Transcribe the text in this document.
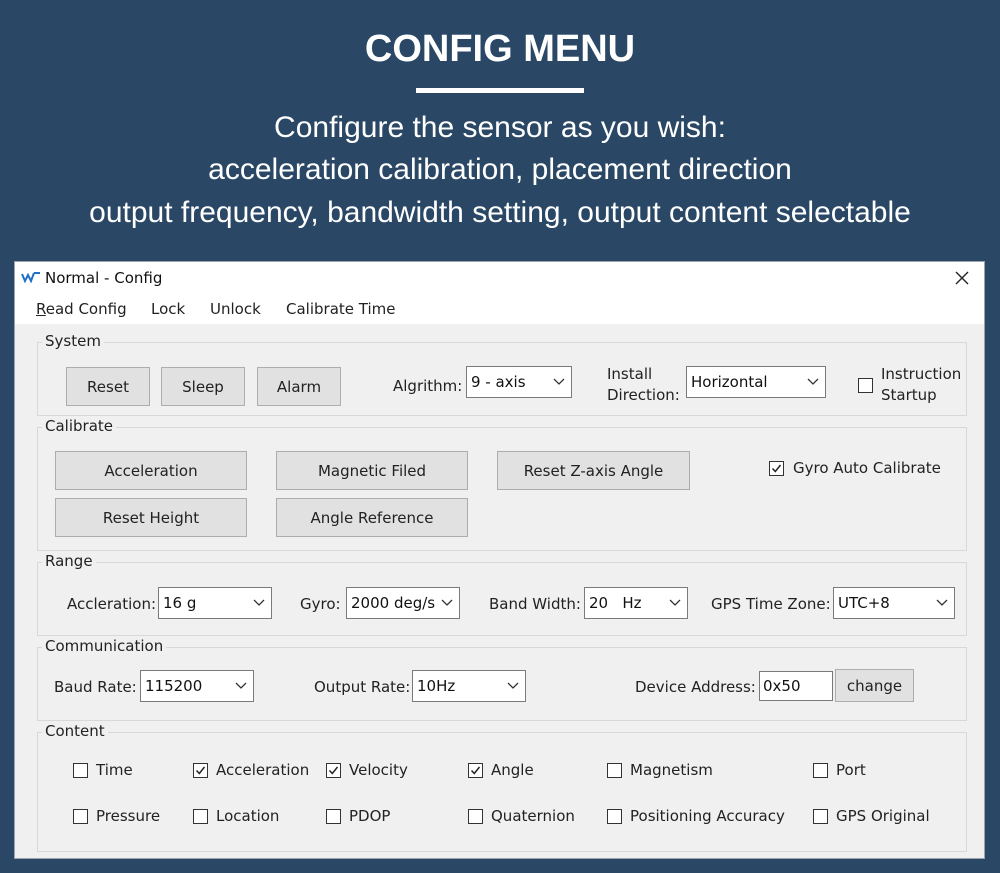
CONFIG MENU
Configure the sensor as you wish:
acceleration calibration, placement direction
output frequency, bandwidth setting, output content selectable
Normal - Config
Read Config Lock Unlock Calibrate Time
System
Reset	Sleep	Alarm	Algrithm: 9 - axis	Install
Direction:
Horizontal	Instruction
Startup
Calibrate
Acceleration	Magnetic Filed	Reset Z-axis Angle	Gyro Auto Calibrate
Reset Height	Angle Reference
Range
Accleration: 16 g	Gyro: 2000 deg/s	Band Width: 20   Hz	GPS Time Zone: UTC+8
Communication
Baud Rate: 115200	Output Rate: 10Hz	Device Address: 0x50	change
Content
Time	Acceleration	Velocity	Angle	Magnetism	Port
Pressure	Location	PDOP	Quaternion	Positioning Accuracy	GPS Original
